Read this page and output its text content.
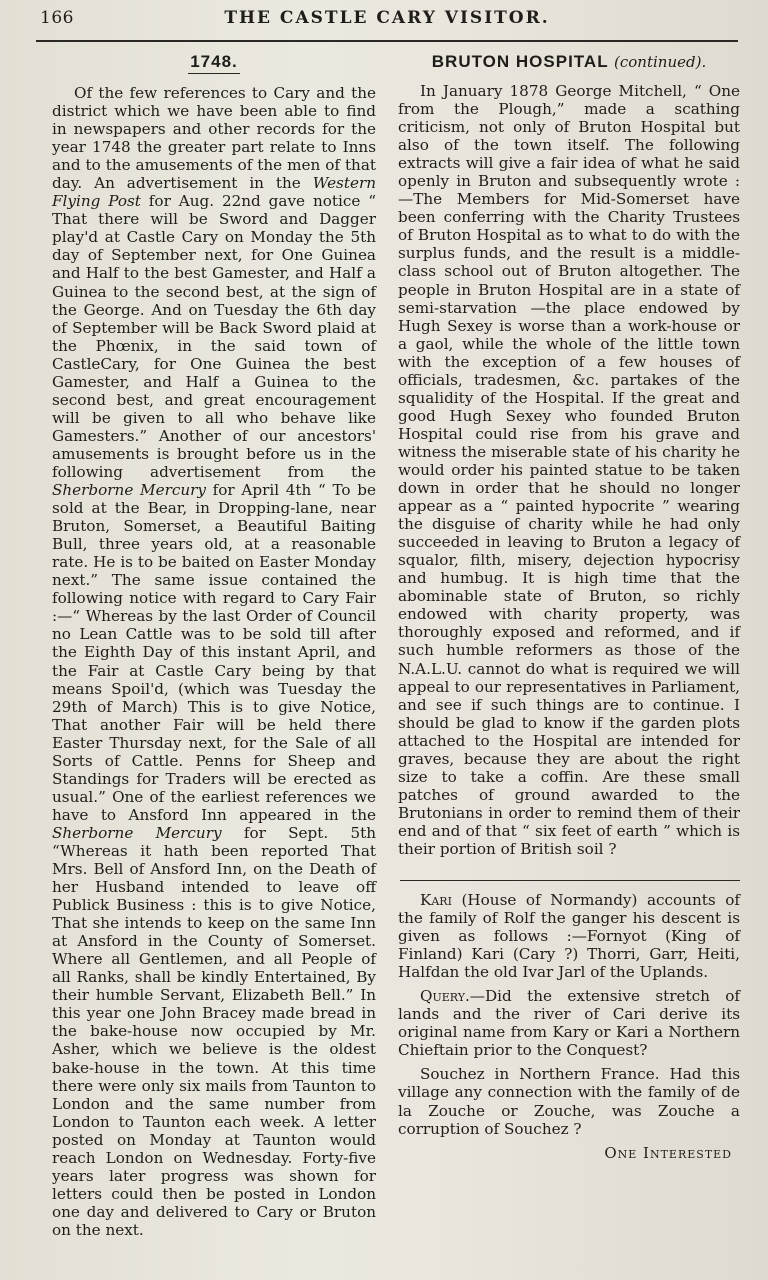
166	THE CASTLE CARY VISITOR.
1748.

Of the few references to Cary and the district which we have been able to find in newspapers and other records for the year 1748 the greater part relate to Inns and to the amusements of the men of that day. An advertisement in the Western Flying Post for Aug. 22nd gave notice “ That there will be Sword and Dagger play'd at Castle Cary on Monday the 5th day of September next, for One Guinea and Half to the best Gamester, and Half a Guinea to the second best, at the sign of the George. And on Tuesday the 6th day of September will be Back Sword plaid at the Phœnix, in the said town of CastleCary, for One Guinea the best Gamester, and Half a Guinea to the second best, and great encouragement will be given to all who behave like Gamesters.” Another of our ancestors' amusements is brought before us in the following advertisement from the Sherborne Mercury for April 4th “ To be sold at the Bear, in Dropping-lane, near Bruton, Somerset, a Beautiful Baiting Bull, three years old, at a reasonable rate. He is to be baited on Easter Monday next.” The same issue contained the following notice with regard to Cary Fair :—“ Whereas by the last Order of Council no Lean Cattle was to be sold till after the Eighth Day of this instant April, and the Fair at Castle Cary being by that means Spoil'd, (which was Tuesday the 29th of March) This is to give Notice, That another Fair will be held there Easter Thursday next, for the Sale of all Sorts of Cattle. Penns for Sheep and Standings for Traders will be erected as usual.” One of the earliest references we have to Ansford Inn appeared in the Sherborne Mercury for Sept. 5th “Whereas it hath been reported That Mrs. Bell of Ansford Inn, on the Death of her Husband intended to leave off Publick Business : this is to give Notice, That she intends to keep on the same Inn at Ansford in the County of Somerset. Where all Gentlemen, and all People of all Ranks, shall be kindly Entertained, By their humble Servant, Elizabeth Bell.” In this year one John Bracey made bread in the bake-house now occupied by Mr. Asher, which we believe is the oldest bake-house in the town. At this time there were only six mails from Taunton to London and the same number from London to Taunton each week. A letter posted on Monday at Taunton would reach London on Wednesday. Forty-five years later progress was shown for letters could then be posted in London one day and delivered to Cary or Bruton on the next.

BRUTON HOSPITAL (continued).

In January 1878 George Mitchell, “ One from the Plough,” made a scathing criticism, not only of Bruton Hospital but also of the town itself. The following extracts will give a fair idea of what he said openly in Bruton and subsequently wrote :—The Members for Mid-Somerset have been conferring with the Charity Trustees of Bruton Hospital as to what to do with the surplus funds, and the result is a middle-class school out of Bruton altogether. The people in Bruton Hospital are in a state of semi-starvation —the place endowed by Hugh Sexey is worse than a work-house or a gaol, while the whole of the little town with the exception of a few houses of officials, tradesmen, &c. partakes of the squalidity of the Hospital. If the great and good Hugh Sexey who founded Bruton Hospital could rise from his grave and witness the miserable state of his charity he would order his painted statue to be taken down in order that he should no longer appear as a “ painted hypocrite ” wearing the disguise of charity while he had only succeeded in leaving to Bruton a legacy of squalor, filth, misery, dejection hypocrisy and humbug. It is high time that the abominable state of Bruton, so richly endowed with charity property, was thoroughly exposed and reformed, and if such humble reformers as those of the N.A.L.U. cannot do what is required we will appeal to our representatives in Parliament, and see if such things are to continue. I should be glad to know if the garden plots attached to the Hospital are intended for graves, because they are about the right size to take a coffin. Are these small patches of ground awarded to the Brutonians in order to remind them of their end and of that “ six feet of earth ” which is their portion of British soil ?

Kari (House of Normandy) accounts of the family of Rolf the ganger his descent is given as follows :—Fornyot (King of Finland) Kari (Cary ?) Thorri, Garr, Heiti, Halfdan the old Ivar Jarl of the Uplands.

Query.—Did the extensive stretch of lands and the river of Cari derive its original name from Kary or Kari a Northern Chieftain prior to the Conquest?

Souchez in Northern France. Had this village any connection with the family of de la Zouche or Zouche, was Zouche a corruption of Souchez ?

One Interested
